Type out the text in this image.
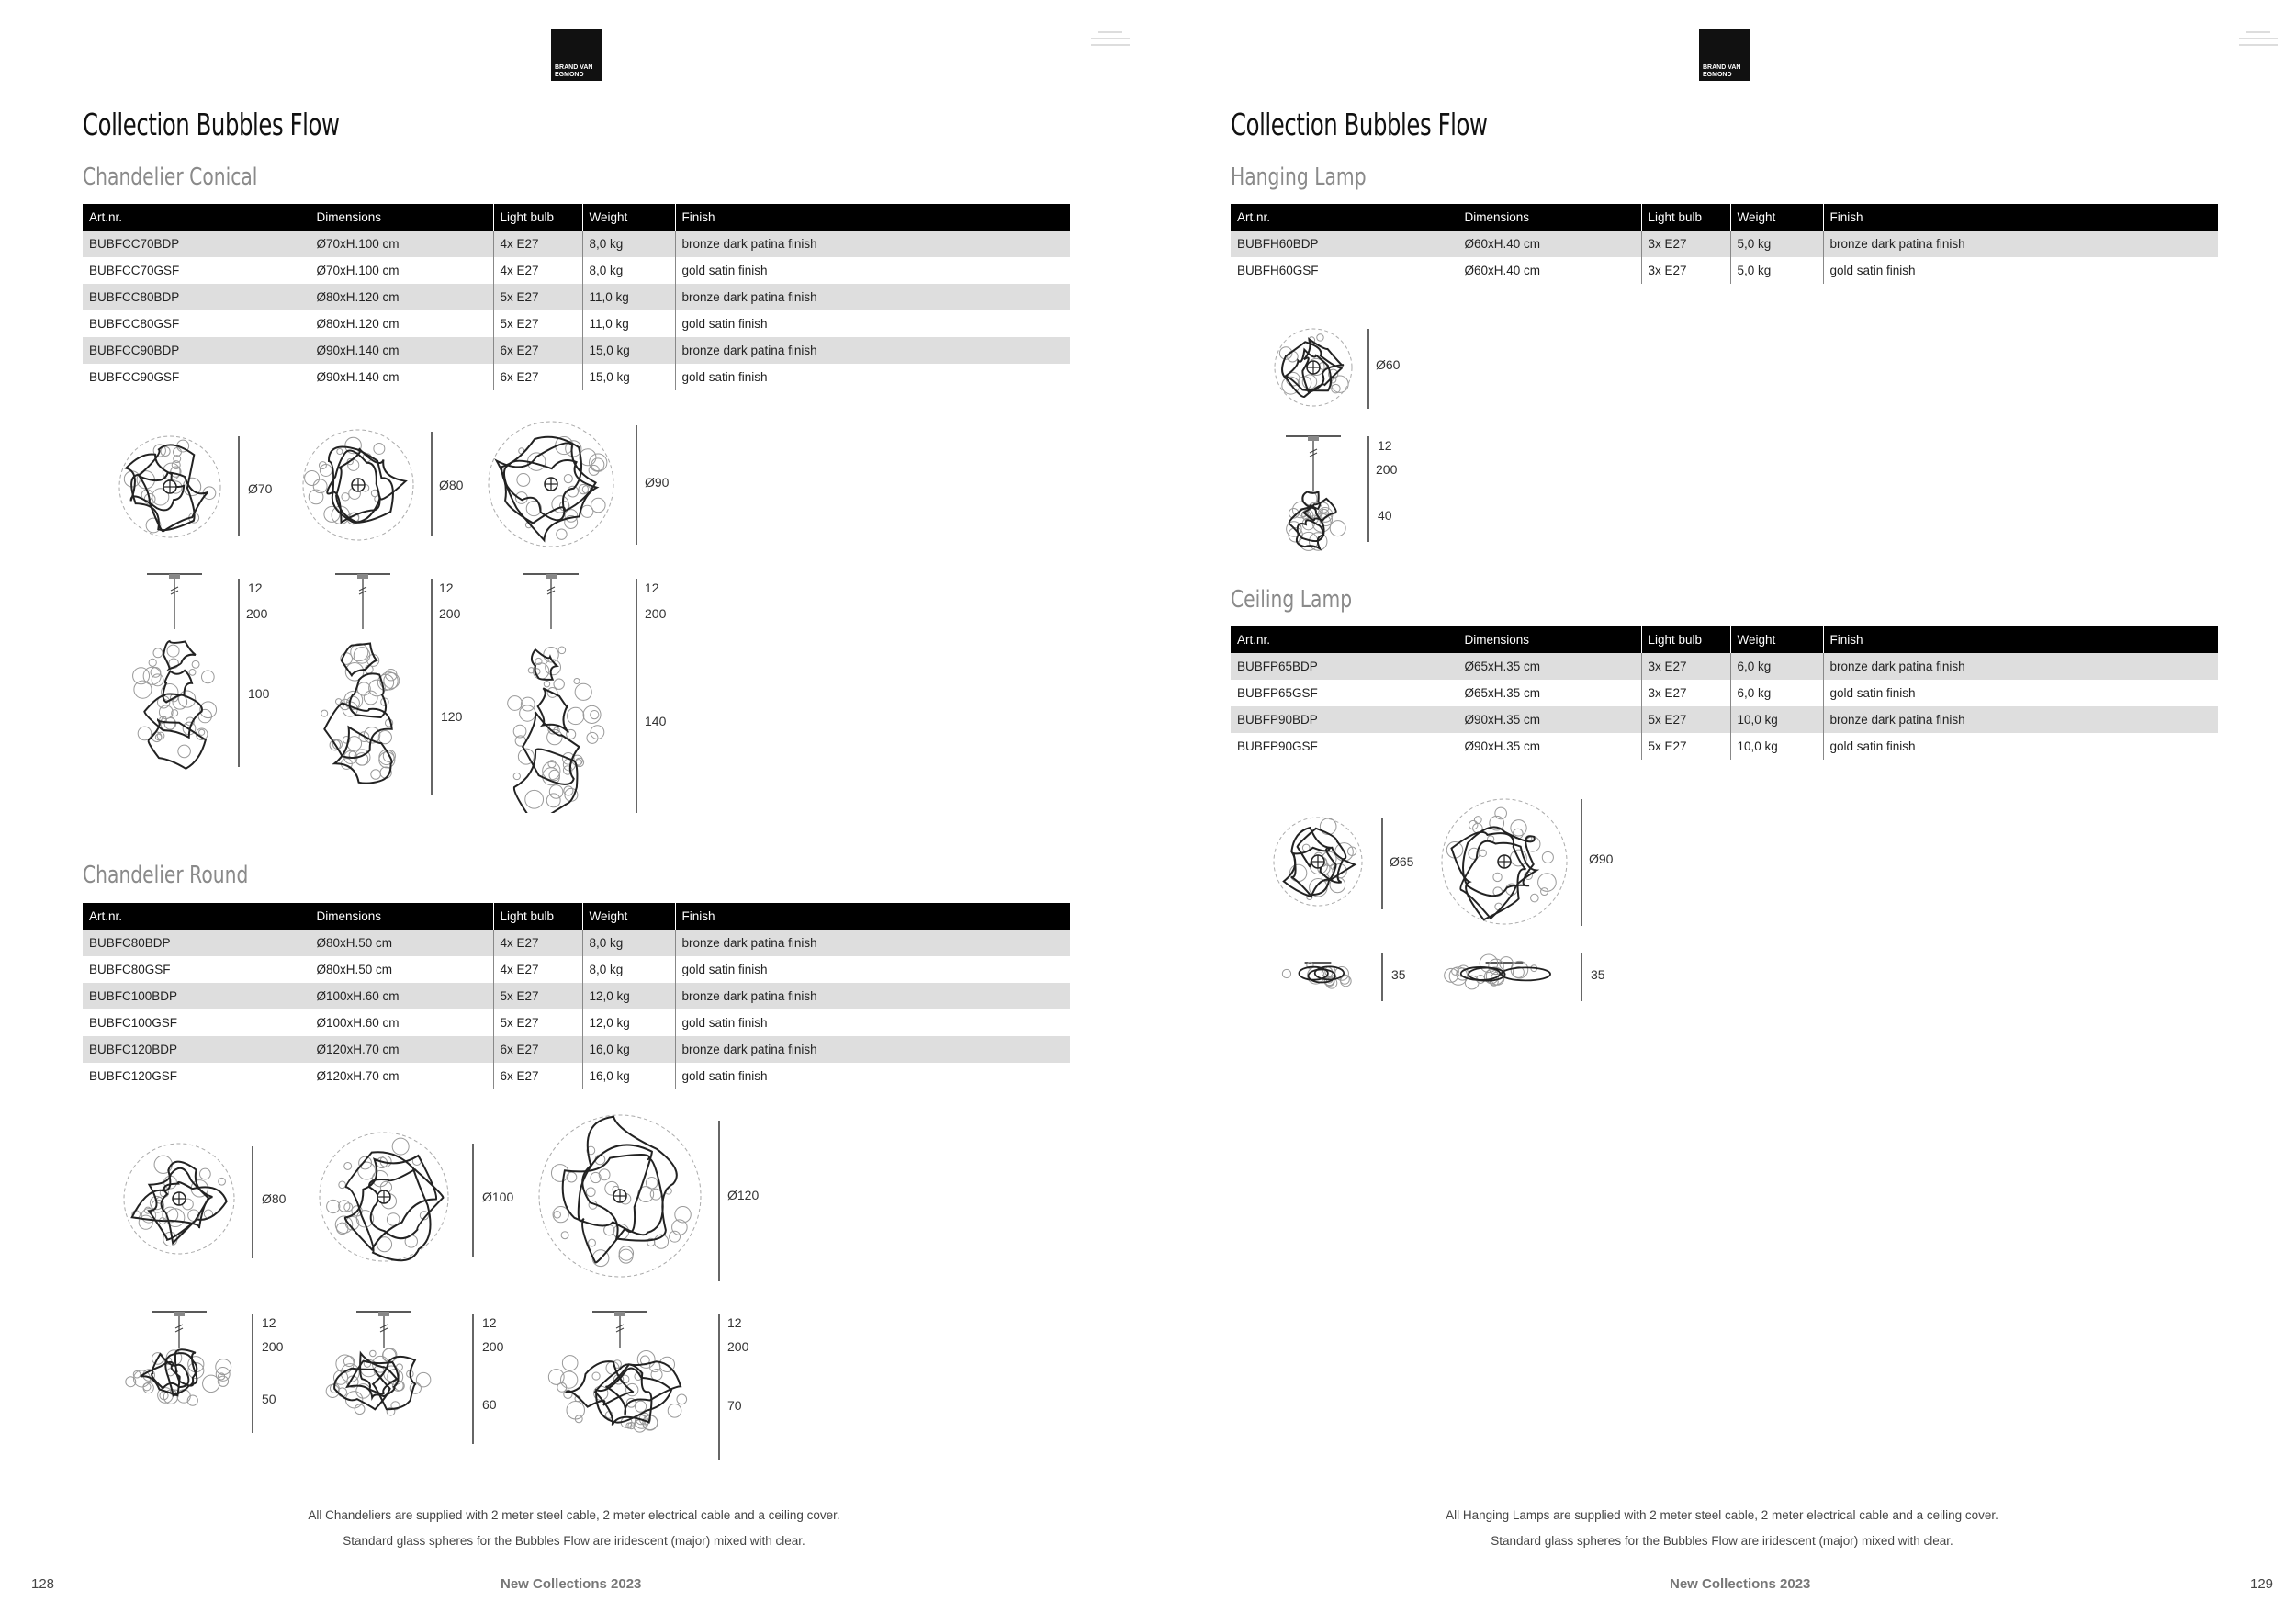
BRAND VAN
EGMOND
Collection Bubbles Flow
Chandelier Conical
Art.nr.	Dimensions	Light bulb	Weight	Finish
BUBFCC70BDP	Ø70xH.100 cm	4x E27	8,0 kg	bronze dark patina finish
BUBFCC70GSF	Ø70xH.100 cm	4x E27	8,0 kg	gold satin finish
BUBFCC80BDP	Ø80xH.120 cm	5x E27	11,0 kg	bronze dark patina finish
BUBFCC80GSF	Ø80xH.120 cm	5x E27	11,0 kg	gold satin finish
BUBFCC90BDP	Ø90xH.140 cm	6x E27	15,0 kg	bronze dark patina finish
BUBFCC90GSF	Ø90xH.140 cm	6x E27	15,0 kg	gold satin finish
Ø70	Ø80	Ø90
12
200
100
12
200
120
12
200
140
Chandelier Round
Art.nr.	Dimensions	Light bulb	Weight	Finish
BUBFC80BDP	Ø80xH.50 cm	4x E27	8,0 kg	bronze dark patina finish
BUBFC80GSF	Ø80xH.50 cm	4x E27	8,0 kg	gold satin finish
BUBFC100BDP	Ø100xH.60 cm	5x E27	12,0 kg	bronze dark patina finish
BUBFC100GSF	Ø100xH.60 cm	5x E27	12,0 kg	gold satin finish
BUBFC120BDP	Ø120xH.70 cm	6x E27	16,0 kg	bronze dark patina finish
BUBFC120GSF	Ø120xH.70 cm	6x E27	16,0 kg	gold satin finish
Ø80	Ø100	Ø120
12
200
50
12
200
60
12
200
70
All Chandeliers are supplied with 2 meter steel cable, 2 meter electrical cable and a ceiling cover.
Standard glass spheres for the Bubbles Flow are iridescent (major) mixed with clear.
128	New Collections 2023
BRAND VAN
EGMOND
Collection Bubbles Flow
Hanging Lamp
Art.nr.	Dimensions	Light bulb	Weight	Finish
BUBFH60BDP	Ø60xH.40 cm	3x E27	5,0 kg	bronze dark patina finish
BUBFH60GSF	Ø60xH.40 cm	3x E27	5,0 kg	gold satin finish
Ø60
12
200
40
Ceiling Lamp
Art.nr.	Dimensions	Light bulb	Weight	Finish
BUBFP65BDP	Ø65xH.35 cm	3x E27	6,0 kg	bronze dark patina finish
BUBFP65GSF	Ø65xH.35 cm	3x E27	6,0 kg	gold satin finish
BUBFP90BDP	Ø90xH.35 cm	5x E27	10,0 kg	bronze dark patina finish
BUBFP90GSF	Ø90xH.35 cm	5x E27	10,0 kg	gold satin finish
Ø65	Ø90
35	35
All Hanging Lamps are supplied with 2 meter steel cable, 2 meter electrical cable and a ceiling cover.
Standard glass spheres for the Bubbles Flow are iridescent (major) mixed with clear.
New Collections 2023	129
